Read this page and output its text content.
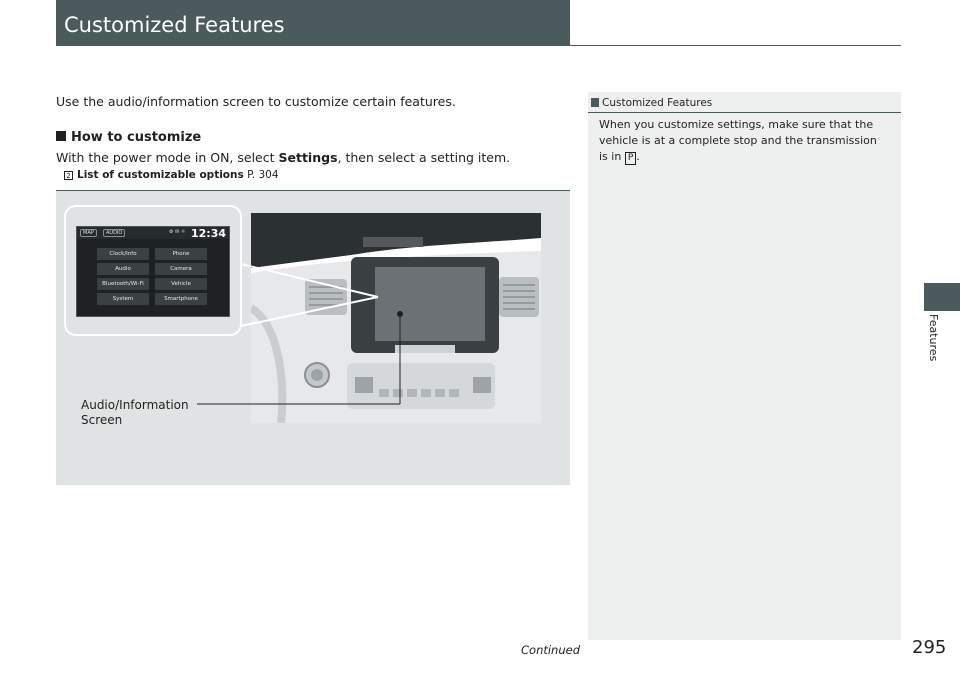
Customized Features
Use the audio/information screen to customize certain features.
How to customize
With the power mode in ON, select Settings, then select a setting item.
2 List of customizable options P. 304
Customized Features
When you customize settings, make sure that the vehicle is at a complete stop and the transmission is in P .
MAP	AUDIO	⚙ ✉ ☼ 12:34
Clock/Info	Phone
Audio	Camera
Bluetooth/Wi-Fi	Vehicle
System	Smartphone
Audio/Information
Screen
Features
Continued	295
